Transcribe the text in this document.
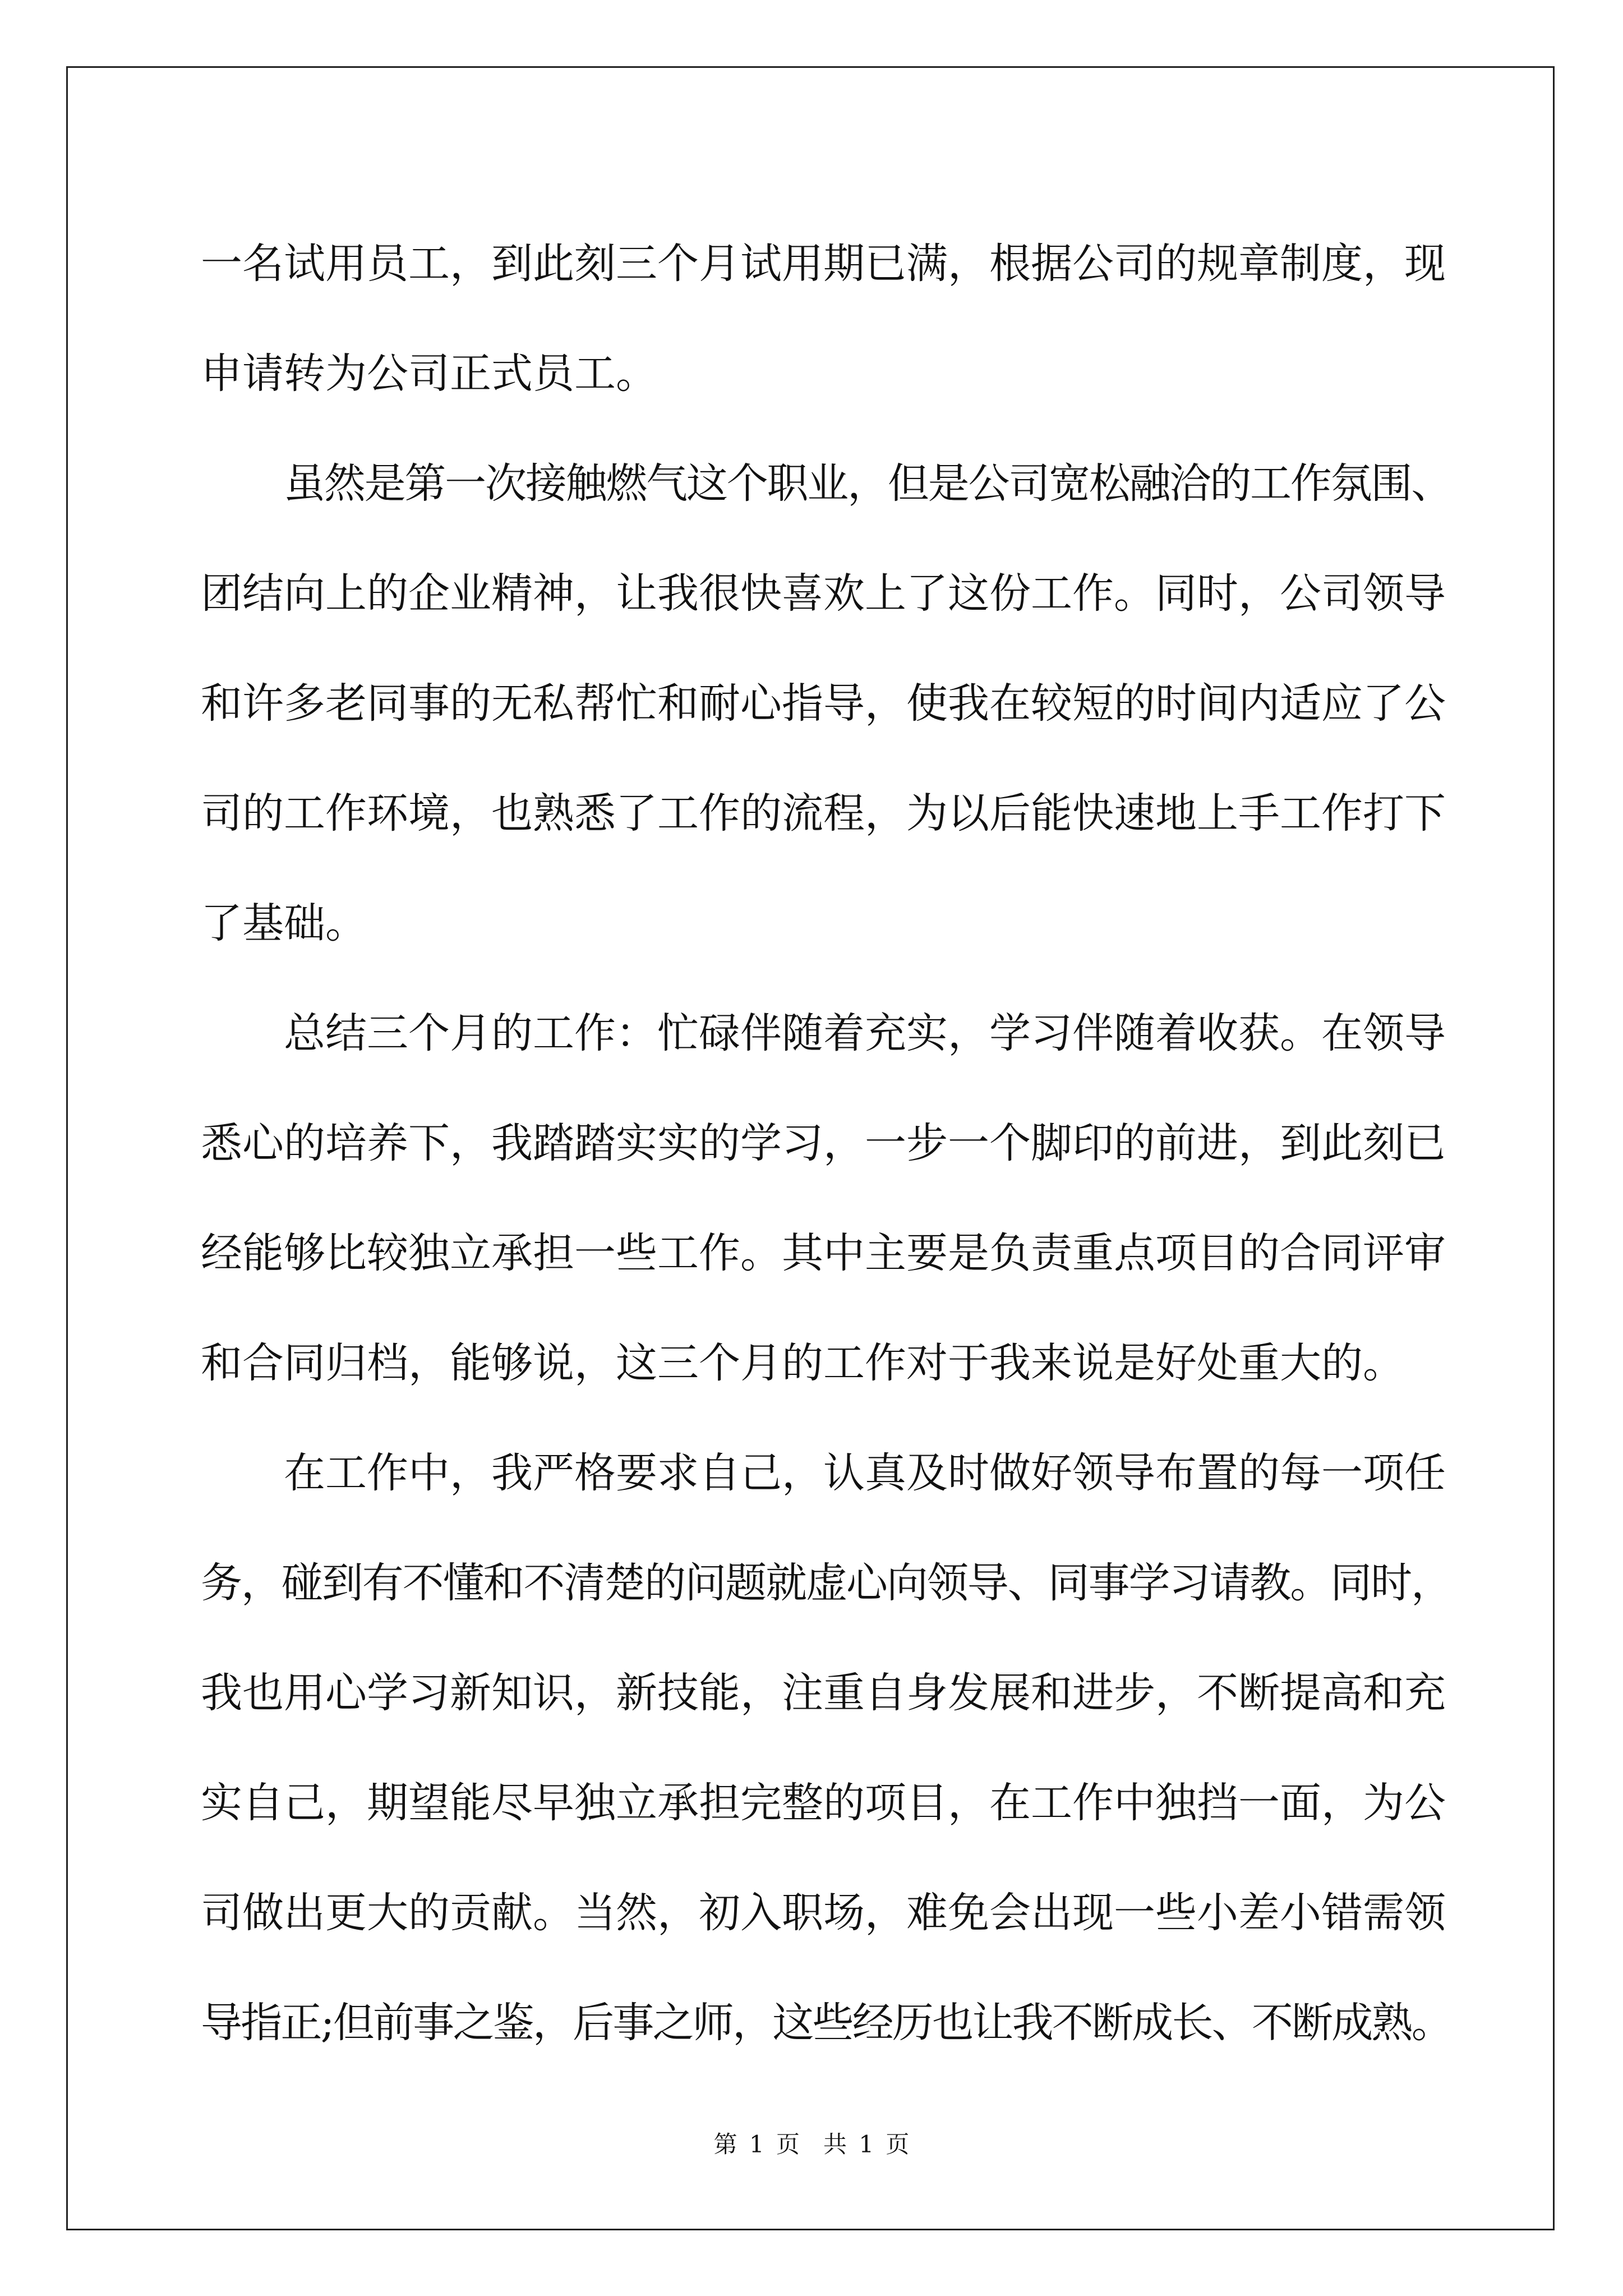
一名试用员工，到此刻三个月试用期已满，根据公司的规章制度，现
申请转为公司正式员工。
虽然是第一次接触燃气这个职业，但是公司宽松融洽的工作氛围、
团结向上的企业精神，让我很快喜欢上了这份工作。同时，公司领导
和许多老同事的无私帮忙和耐心指导，使我在较短的时间内适应了公
司的工作环境，也熟悉了工作的流程，为以后能快速地上手工作打下
了基础。
总结三个月的工作：忙碌伴随着充实，学习伴随着收获。在领导
悉心的培养下，我踏踏实实的学习，一步一个脚印的前进，到此刻已
经能够比较独立承担一些工作。其中主要是负责重点项目的合同评审
和合同归档，能够说，这三个月的工作对于我来说是好处重大的。
在工作中，我严格要求自己，认真及时做好领导布置的每一项任
务，碰到有不懂和不清楚的问题就虚心向领导、同事学习请教。同时，
我也用心学习新知识，新技能，注重自身发展和进步，不断提高和充
实自己，期望能尽早独立承担完整的项目，在工作中独挡一面，为公
司做出更大的贡献。当然，初入职场，难免会出现一些小差小错需领
导指正;但前事之鉴，后事之师，这些经历也让我不断成长、不断成熟。
第 1 页　共 1 页
